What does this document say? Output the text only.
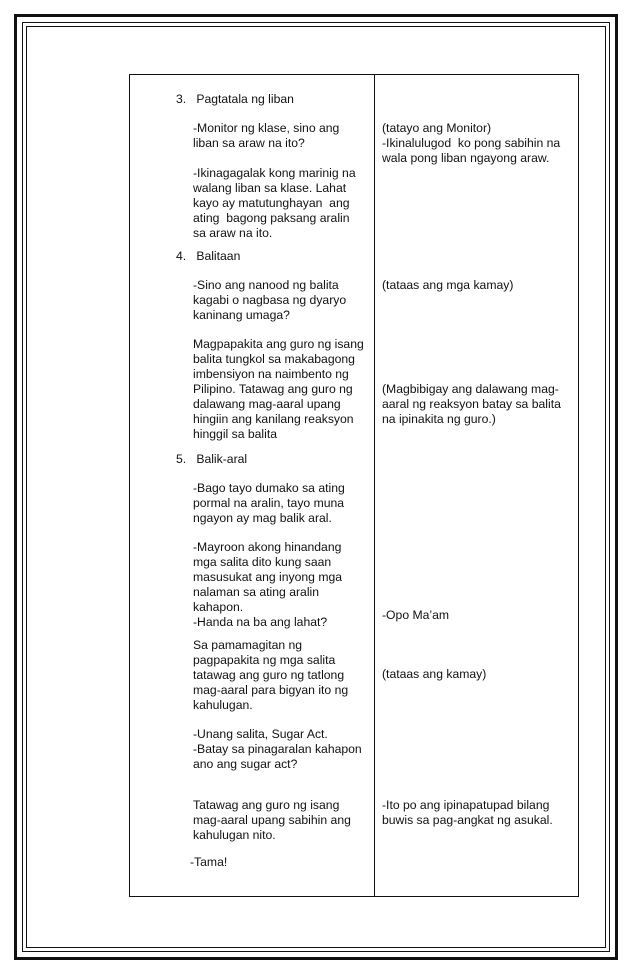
3.   Pagtatala ng liban

-Monitor ng klase, sino ang
liban sa araw na ito?

-Ikinagagalak kong marinig na
walang liban sa klase. Lahat
kayo ay matutunghayan  ang
ating  bagong paksang aralin
sa araw na ito.

4.   Balitaan

-Sino ang nanood ng balita
kagabi o nagbasa ng dyaryo
kaninang umaga?

Magpapakita ang guro ng isang
balita tungkol sa makabagong
imbensiyon na naimbento ng
Pilipino. Tatawag ang guro ng
dalawang mag-aaral upang
hingiin ang kanilang reaksyon
hinggil sa balita

5.   Balik-aral

-Bago tayo dumako sa ating
pormal na aralin, tayo muna
ngayon ay mag balik aral.

-Mayroon akong hinandang
mga salita dito kung saan
masusukat ang inyong mga
nalaman sa ating aralin
kahapon.
-Handa na ba ang lahat?

Sa pamamagitan ng
pagpapakita ng mga salita
tatawag ang guro ng tatlong
mag-aaral para bigyan ito ng
kahulugan.

-Unang salita, Sugar Act.
-Batay sa pinagaralan kahapon
ano ang sugar act?

Tatawag ang guro ng isang
mag-aaral upang sabihin ang
kahulugan nito.

-Tama!

(tatayo ang Monitor)
-Ikinalulugod  ko pong sabihin na
wala pong liban ngayong araw.

(tataas ang mga kamay)

(Magbibigay ang dalawang mag-
aaral ng reaksyon batay sa balita
na ipinakita ng guro.)

-Opo Ma’am

(tataas ang kamay)

-Ito po ang ipinapatupad bilang
buwis sa pag-angkat ng asukal.
